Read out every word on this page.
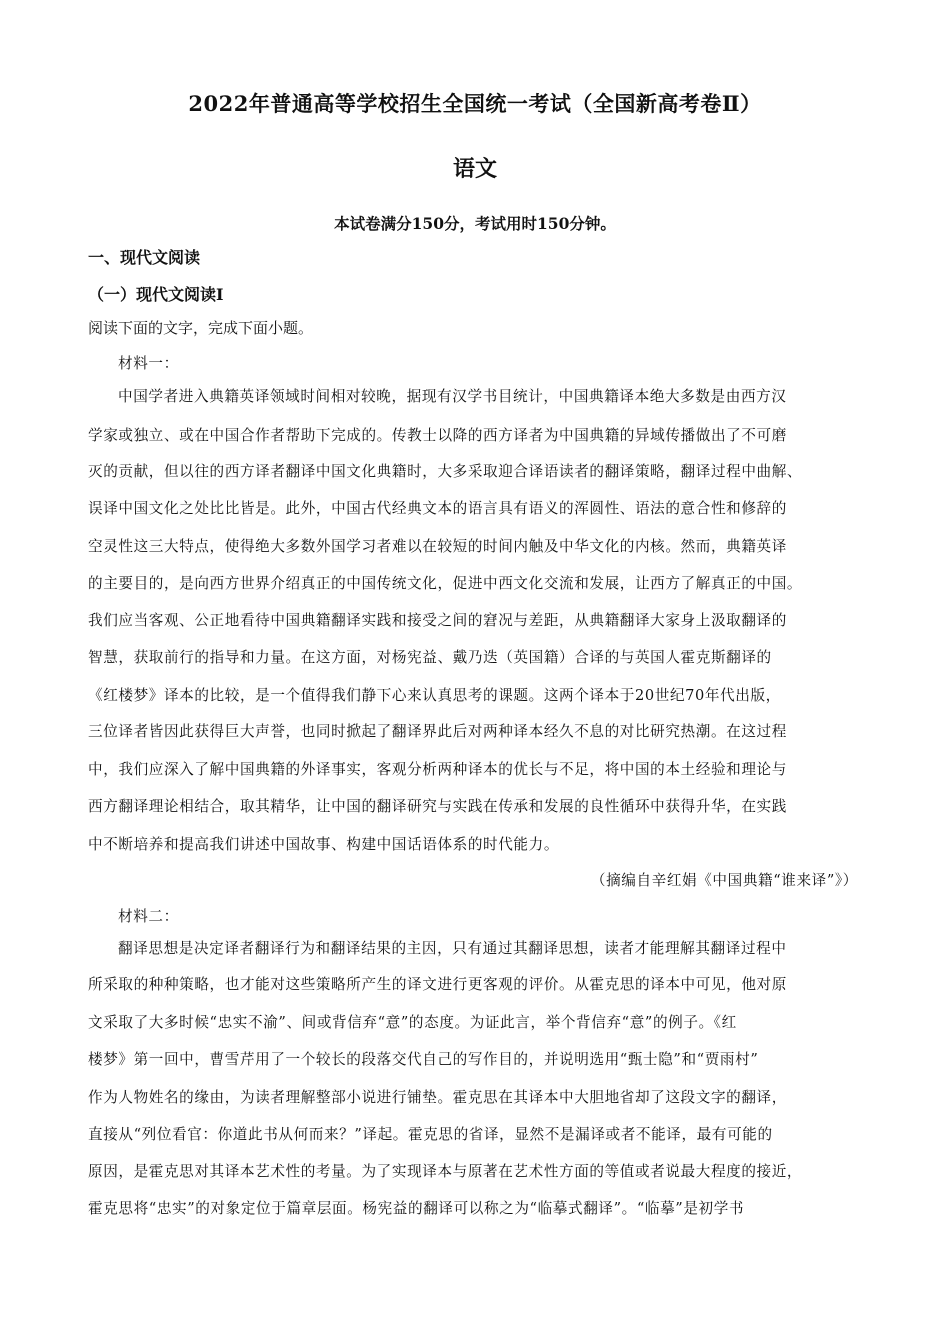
2022年普通高等学校招生全国统一考试（全国新高考卷Ⅱ）
语文
本试卷满分150分，考试用时150分钟。
一、现代文阅读
（一）现代文阅读Ⅰ
阅读下面的文字，完成下面小题。
材料一：
中国学者进入典籍英译领域时间相对较晚，据现有汉学书目统计，中国典籍译本绝大多数是由西方汉
学家或独立、或在中国合作者帮助下完成的。传教士以降的西方译者为中国典籍的异域传播做出了不可磨
灭的贡献，但以往的西方译者翻译中国文化典籍时，大多采取迎合译语读者的翻译策略，翻译过程中曲解、
误译中国文化之处比比皆是。此外，中国古代经典文本的语言具有语义的浑圆性、语法的意合性和修辞的
空灵性这三大特点，使得绝大多数外国学习者难以在较短的时间内触及中华文化的内核。然而，典籍英译
的主要目的，是向西方世界介绍真正的中国传统文化，促进中西文化交流和发展，让西方了解真正的中国。
我们应当客观、公正地看待中国典籍翻译实践和接受之间的窘况与差距，从典籍翻译大家身上汲取翻译的
智慧，获取前行的指导和力量。在这方面，对杨宪益、戴乃迭（英国籍）合译的与英国人霍克斯翻译的
《红楼梦》译本的比较，是一个值得我们静下心来认真思考的课题。这两个译本于20世纪70年代出版，
三位译者皆因此获得巨大声誉，也同时掀起了翻译界此后对两种译本经久不息的对比研究热潮。在这过程
中，我们应深入了解中国典籍的外译事实，客观分析两种译本的优长与不足，将中国的本土经验和理论与
西方翻译理论相结合，取其精华，让中国的翻译研究与实践在传承和发展的良性循环中获得升华，在实践
中不断培养和提高我们讲述中国故事、构建中国话语体系的时代能力。
（摘编自辛红娟《中国典籍“谁来译”》）
材料二：
翻译思想是决定译者翻译行为和翻译结果的主因，只有通过其翻译思想，读者才能理解其翻译过程中
所采取的种种策略，也才能对这些策略所产生的译文进行更客观的评价。从霍克思的译本中可见，他对原
文采取了大多时候“忠实不渝”、间或背信弃“意”的态度。为证此言，举个背信弃“意”的例子。《红
楼梦》第一回中，曹雪芹用了一个较长的段落交代自己的写作目的，并说明选用“甄士隐”和“贾雨村”
作为人物姓名的缘由，为读者理解整部小说进行铺垫。霍克思在其译本中大胆地省却了这段文字的翻译，
直接从“列位看官：你道此书从何而来？”译起。霍克思的省译，显然不是漏译或者不能译，最有可能的
原因，是霍克思对其译本艺术性的考量。为了实现译本与原著在艺术性方面的等值或者说最大程度的接近，
霍克思将“忠实”的对象定位于篇章层面。杨宪益的翻译可以称之为“临摹式翻译”。“临摹”是初学书
